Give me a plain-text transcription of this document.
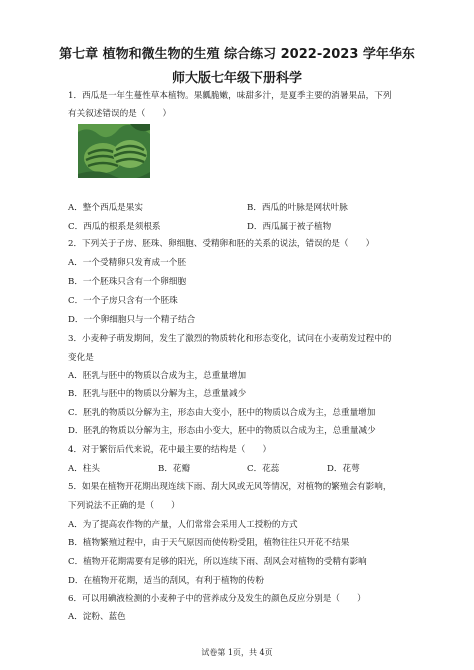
第七章 植物和微生物的生殖 综合练习 2022-2023 学年华东
师大版七年级下册科学
1．西瓜是一年生蔓性草本植物。果瓤脆嫩，味甜多汁，是夏季主要的消暑果品，下列
有关叙述错误的是（　　）
A．整个西瓜是果实	B．西瓜的叶脉是网状叶脉
C．西瓜的根系是须根系	D．西瓜属于被子植物
2．下列关于子房、胚珠、卵细胞、受精卵和胚的关系的说法，错误的是（　　）
A．一个受精卵只发育成一个胚
B．一个胚珠只含有一个卵细胞
C．一个子房只含有一个胚珠
D．一个卵细胞只与一个精子结合
3．小麦种子萌发期间，发生了激烈的物质转化和形态变化，试问在小麦萌发过程中的
变化是
A．胚乳与胚中的物质以合成为主，总重量增加
B．胚乳与胚中的物质以分解为主，总重量减少
C．胚乳的物质以分解为主，形态由大变小，胚中的物质以合成为主，总重量增加
D．胚乳的物质以分解为主，形态由小变大，胚中的物质以合成为主，总重量减少
4．对于繁衍后代来说，花中最主要的结构是（　　）
A．柱头	B．花瓣	C．花蕊	D．花萼
5．如果在植物开花期出现连续下雨、刮大风或无风等情况，对植物的繁殖会有影响，
下列说法不正确的是（　　）
A．为了提高农作物的产量，人们常常会采用人工授粉的方式
B．植物繁殖过程中，由于天气原因而使传粉受阻，植物往往只开花不结果
C．植物开花期需要有足够的阳光，所以连续下雨、刮风会对植物的受精有影响
D．在植物开花期，适当的刮风，有利于植物的传粉
6．可以用碘液检测的小麦种子中的营养成分及发生的颜色反应分别是（　　）
A．淀粉、蓝色
试卷第 1页，共 4页
